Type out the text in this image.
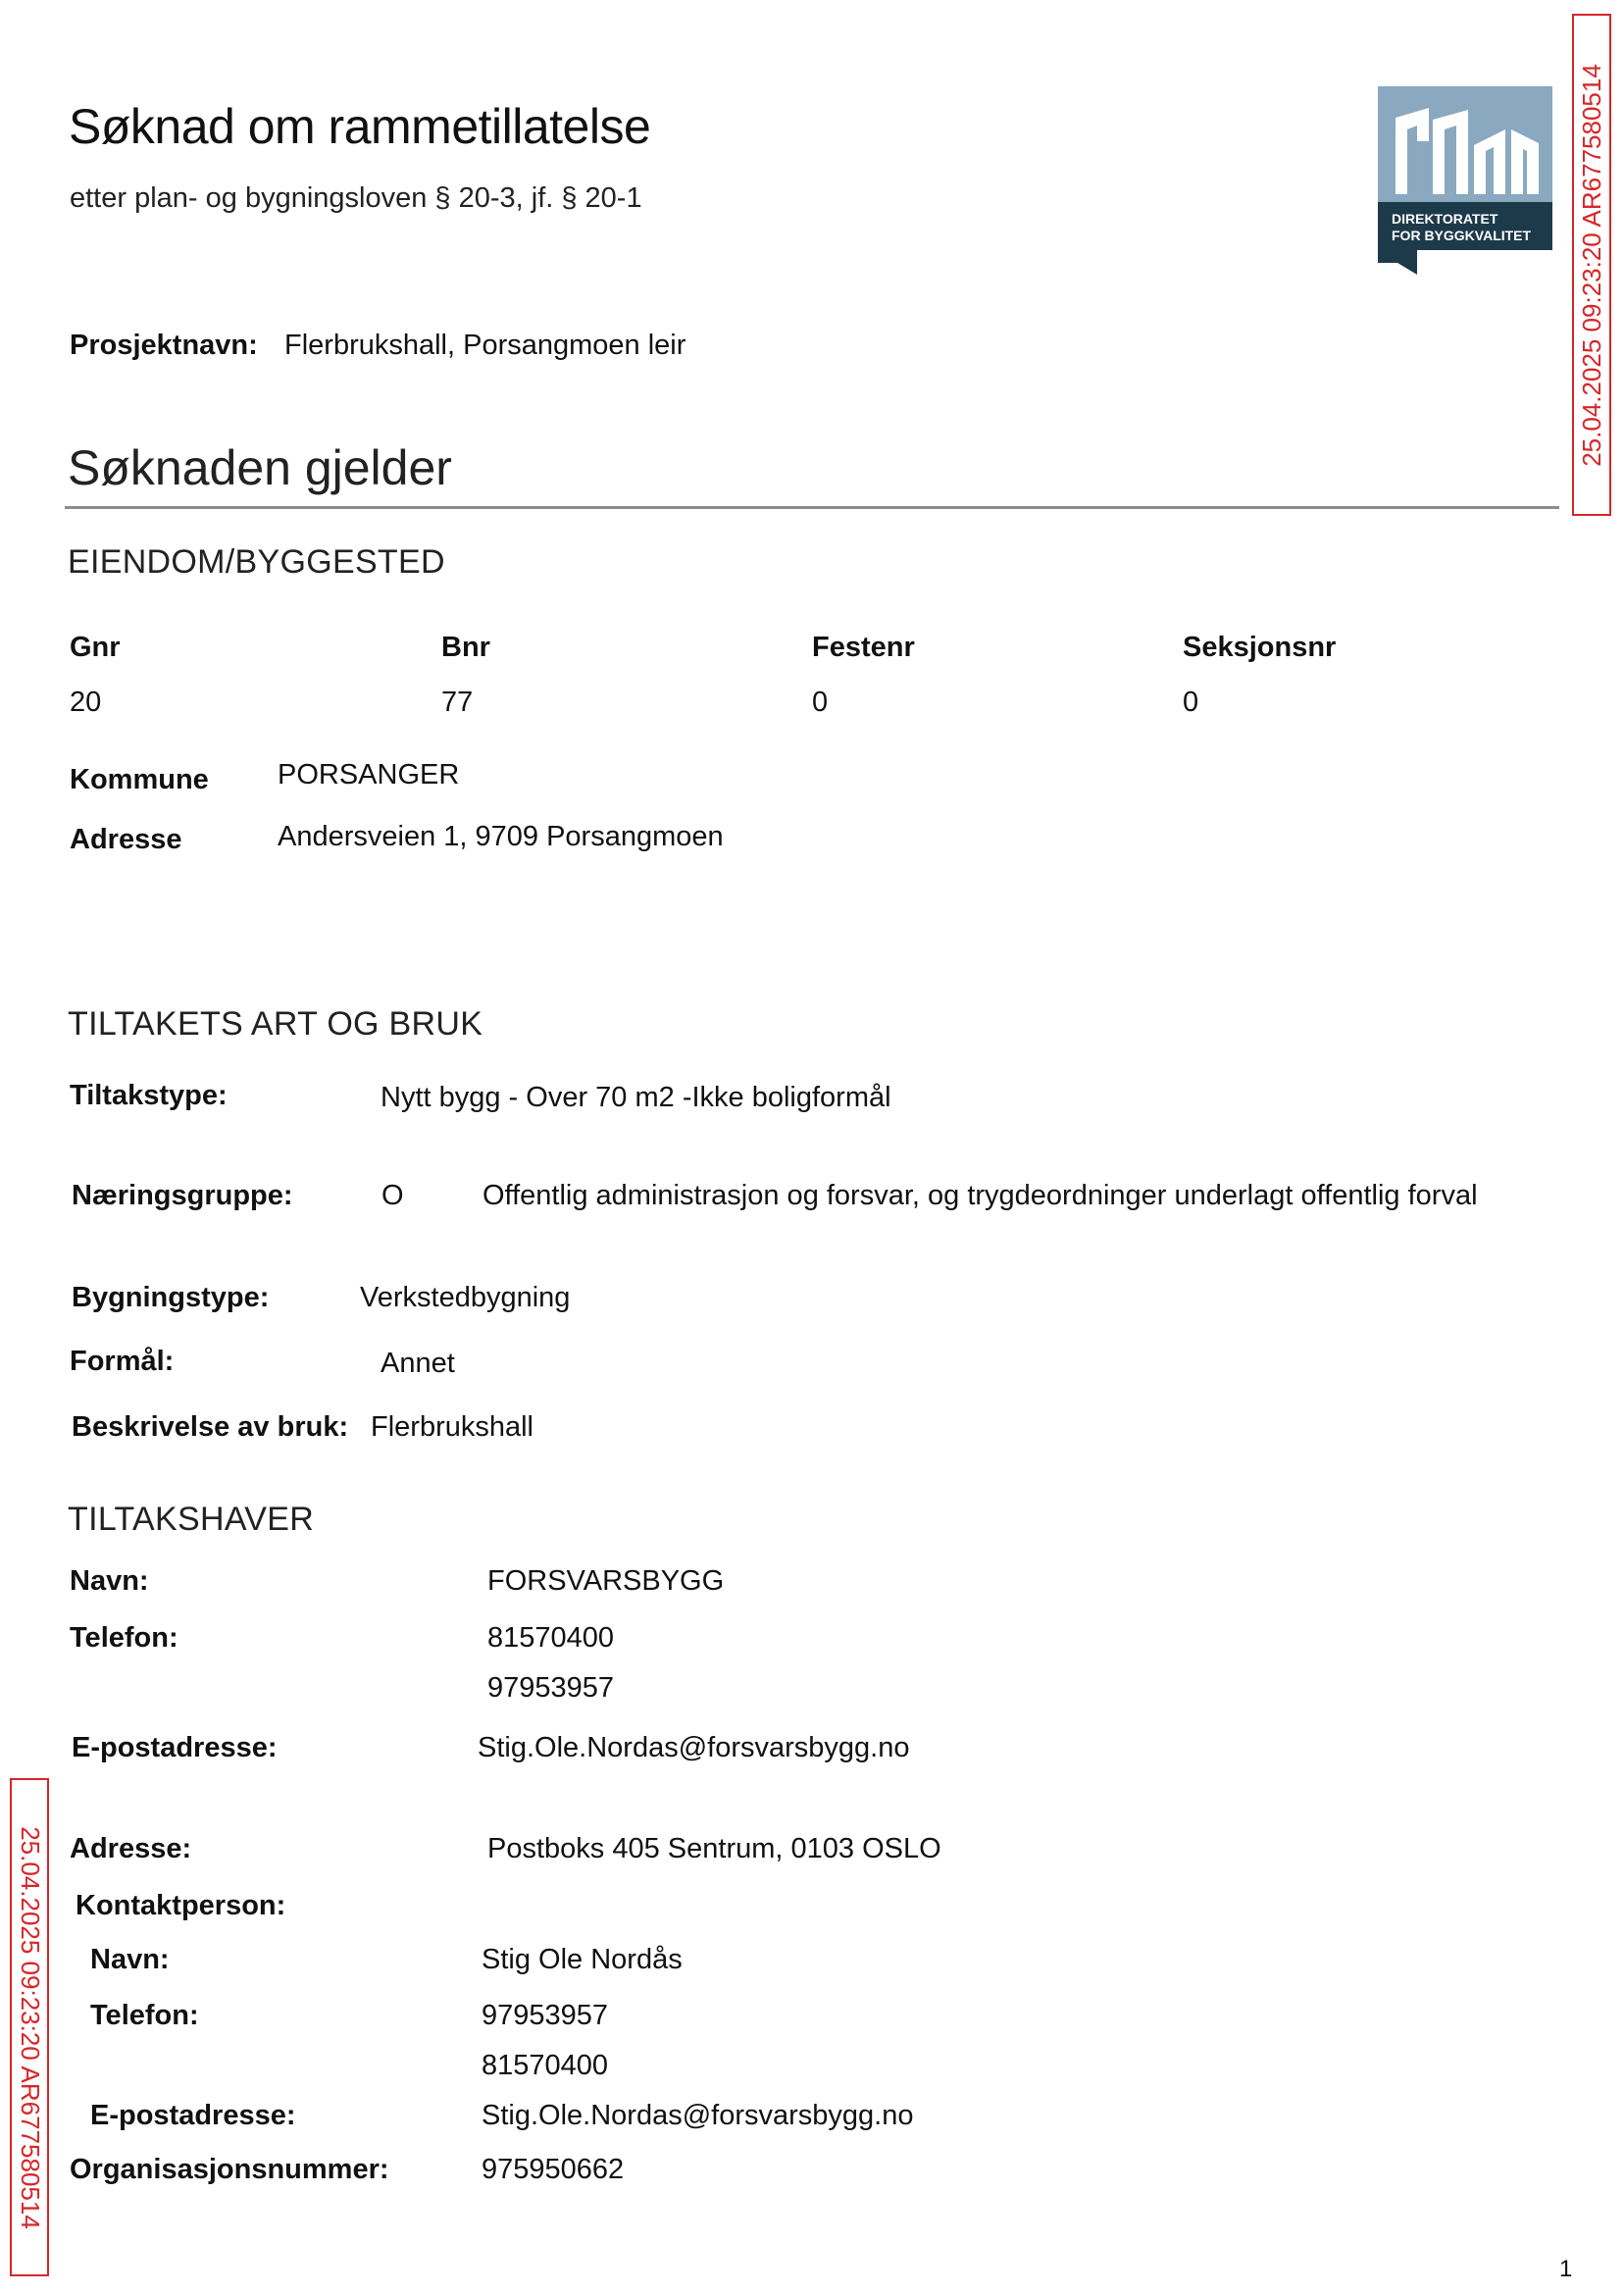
Søknad om rammetillatelse
etter plan- og bygningsloven § 20-3, jf. § 20-1
DIREKTORATET
FOR BYGGKVALITET 25.04.2025 09:23:20 AR677580514
25.04.2025 09:23:20 AR677580514
Prosjektnavn: Flerbrukshall, Porsangmoen leir
Søknaden gjelder
EIENDOM/BYGGESTED
Gnr	Bnr	Festenr	Seksjonsnr
20	77	0	0
Kommune PORSANGER
Adresse	Andersveien 1, 9709 Porsangmoen
TILTAKETS ART OG BRUK
Tiltakstype:	Nytt bygg - Over 70 m2 -Ikke boligformål
Næringsgruppe:	O	Offentlig administrasjon og forsvar, og trygdeordninger underlagt offentlig forval
Bygningstype:	Verkstedbygning
Formål:	Annet
Beskrivelse av bruk: Flerbrukshall
TILTAKSHAVER
Navn:	FORSVARSBYGG
Telefon:	81570400
97953957
E-postadresse:	Stig.Ole.Nordas@forsvarsbygg.no
Adresse:	Postboks 405 Sentrum, 0103 OSLO
Kontaktperson:
Navn:	Stig Ole Nordås
Telefon:	97953957
81570400
E-postadresse:	Stig.Ole.Nordas@forsvarsbygg.no
Organisasjonsnummer:	975950662
1
